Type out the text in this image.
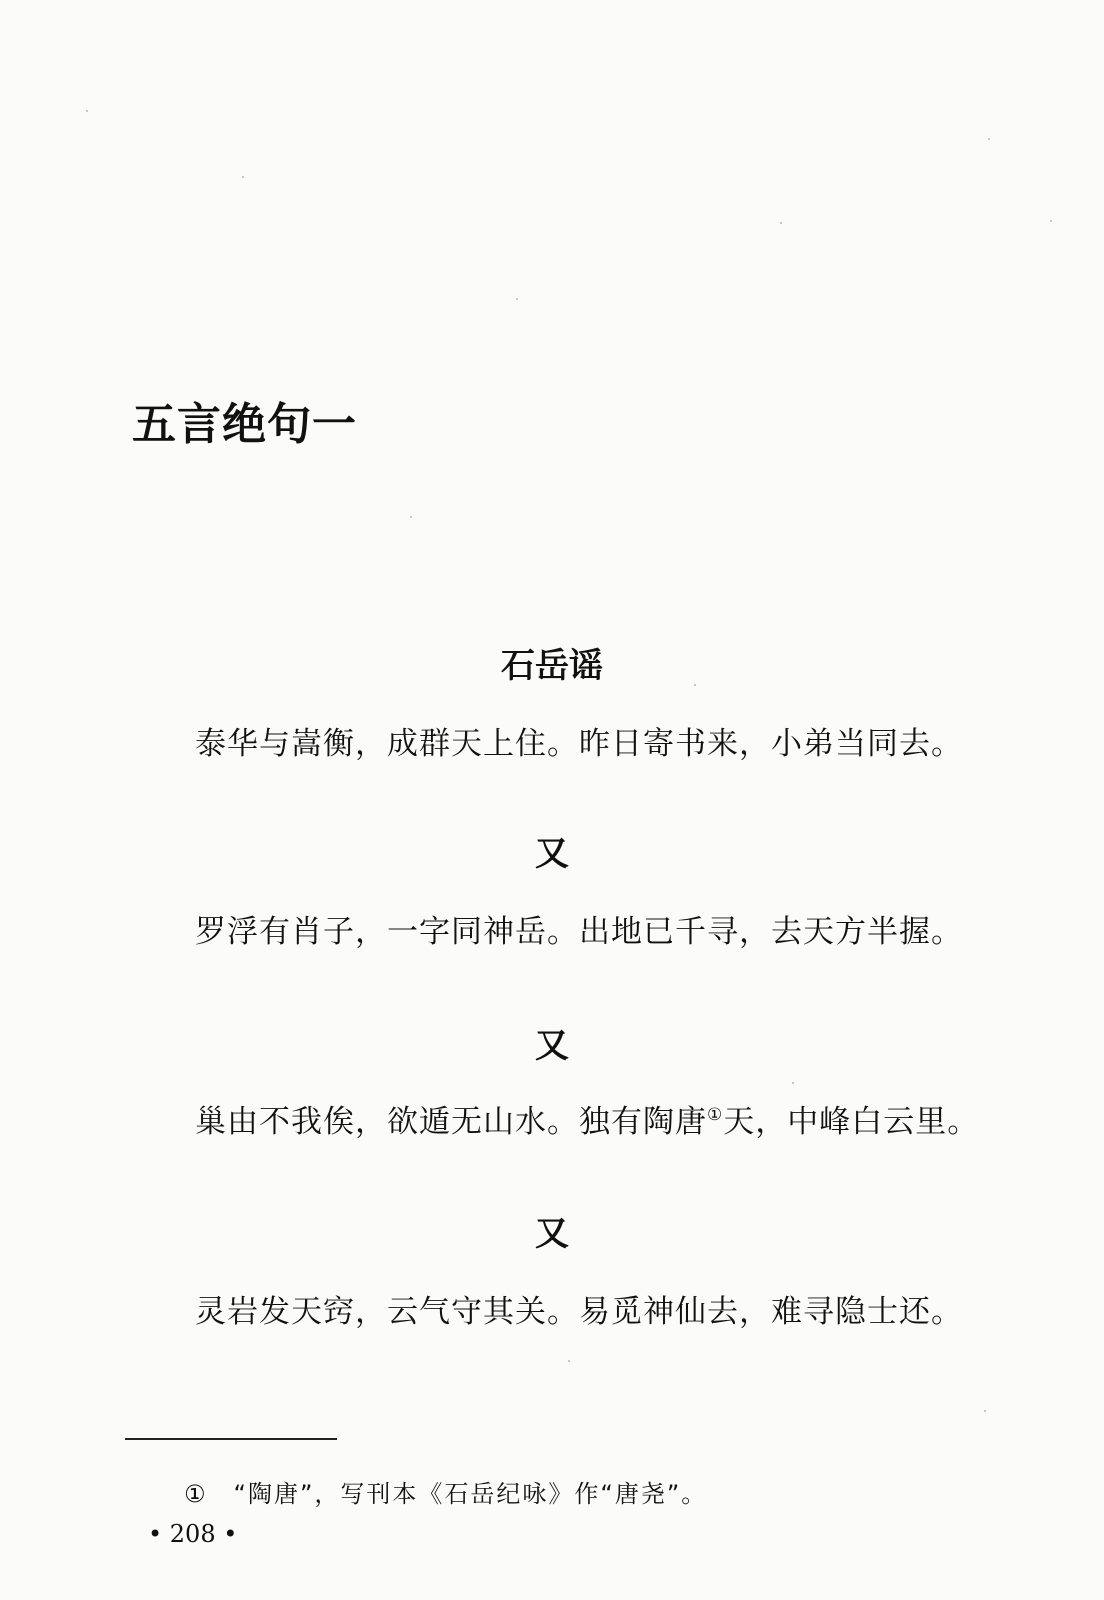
五言绝句一
石岳谣
泰华与嵩衡，成群天上住。昨日寄书来，小弟当同去。
又
罗浮有肖子，一字同神岳。出地已千寻，去天方半握。
又
巢由不我俟，欲遁无山水。独有陶唐①天，中峰白云里。
又
灵岩发天窍，云气守其关。易觅神仙去，难寻隐士还。
① “陶唐”，写刊本《石岳纪咏》作“唐尧”。
• 208 •
